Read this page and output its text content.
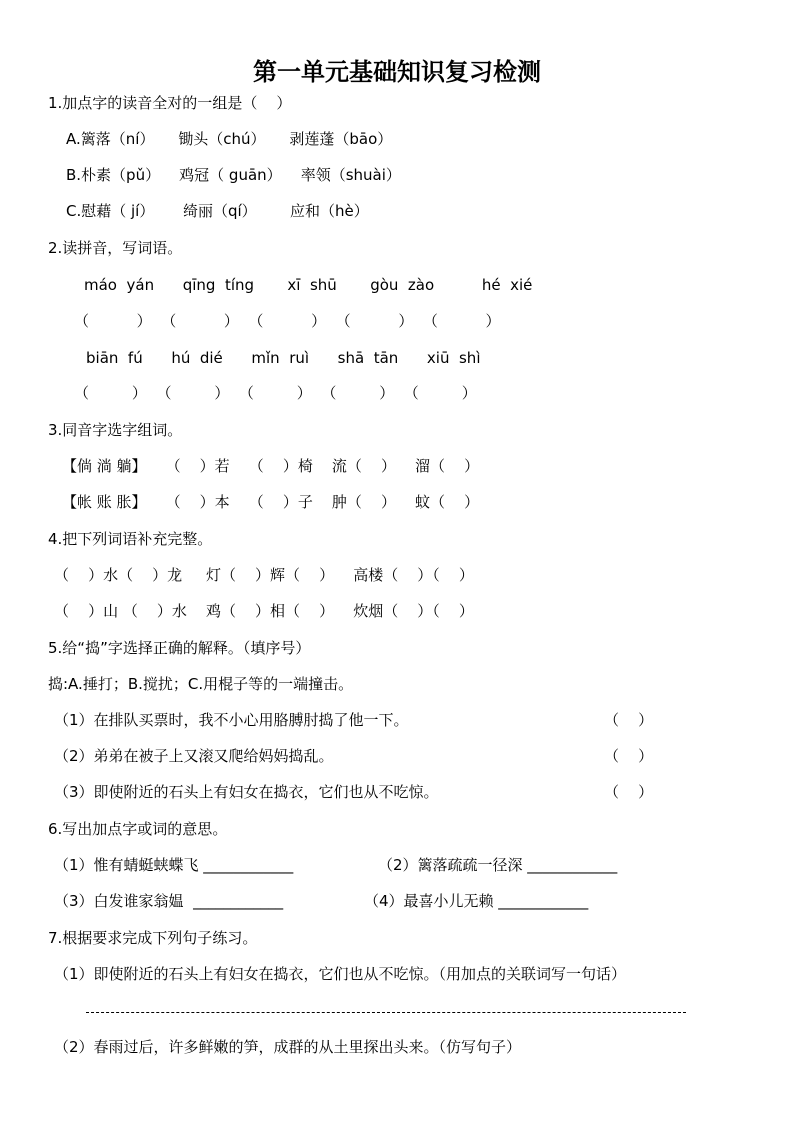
第一单元基础知识复习检测
1.加点字的读音全对的一组是（    ）
A.篱落（ní）     锄头（chú）     剥莲蓬（bāo）
B.朴素（pǔ）    鸡冠（ guān）    率领（shuài）
C.慰藉（ jí）      绮丽（qí）       应和（hè）
2.读拼音，写词语。
máo  yán      qīng  tíng       xī  shū       gòu  zào          hé  xié
（          ）  （          ）  （          ）  （          ）  （          ）
biān  fú      hú  dié      mǐn  ruì      shā  tān      xiū  shì
（         ）  （         ）  （         ）  （         ）  （         ）
3.同音字选字组词。
【倘 淌 躺】    （    ）若    （    ）椅    流（    ）    溜（    ）
【帐 账 胀】    （    ）本    （    ）子    肿（    ）    蚊（    ）
4.把下列词语补充完整。
（    ）水（    ）龙     灯（    ）辉（    ）    高楼（    ）（    ）
（    ）山 （    ）水    鸡（    ）相（    ）    炊烟（    ）（    ）
5.给“捣”字选择正确的解释。（填序号）
捣:A.捶打；B.搅扰；C.用棍子等的一端撞击。
（1）在排队买票时，我不小心用胳膊肘捣了他一下。	（    ）
（2）弟弟在被子上又滚又爬给妈妈捣乱。	（    ）
（3）即使附近的石头上有妇女在捣衣，它们也从不吃惊。	（    ）
6.写出加点字或词的意思。
（1）惟有蜻蜓蛱蝶飞 ____________	（2）篱落疏疏一径深 ____________
（3）白发谁家翁媪  ____________	（4）最喜小儿无赖 ____________
7.根据要求完成下列句子练习。
（1）即使附近的石头上有妇女在捣衣，它们也从不吃惊。（用加点的关联词写一句话）
（2）春雨过后，许多鲜嫩的笋，成群的从土里探出头来。（仿写句子）
